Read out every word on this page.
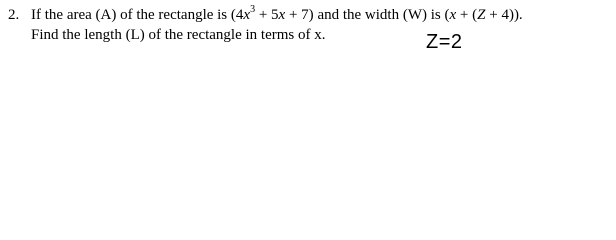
2. If the area (A) of the rectangle is $(4x^3 + 5x + 7)$ and the width (W) is (x + (Z + 4)).
Find the length (L) of the rectangle in terms of x.	Z=2
